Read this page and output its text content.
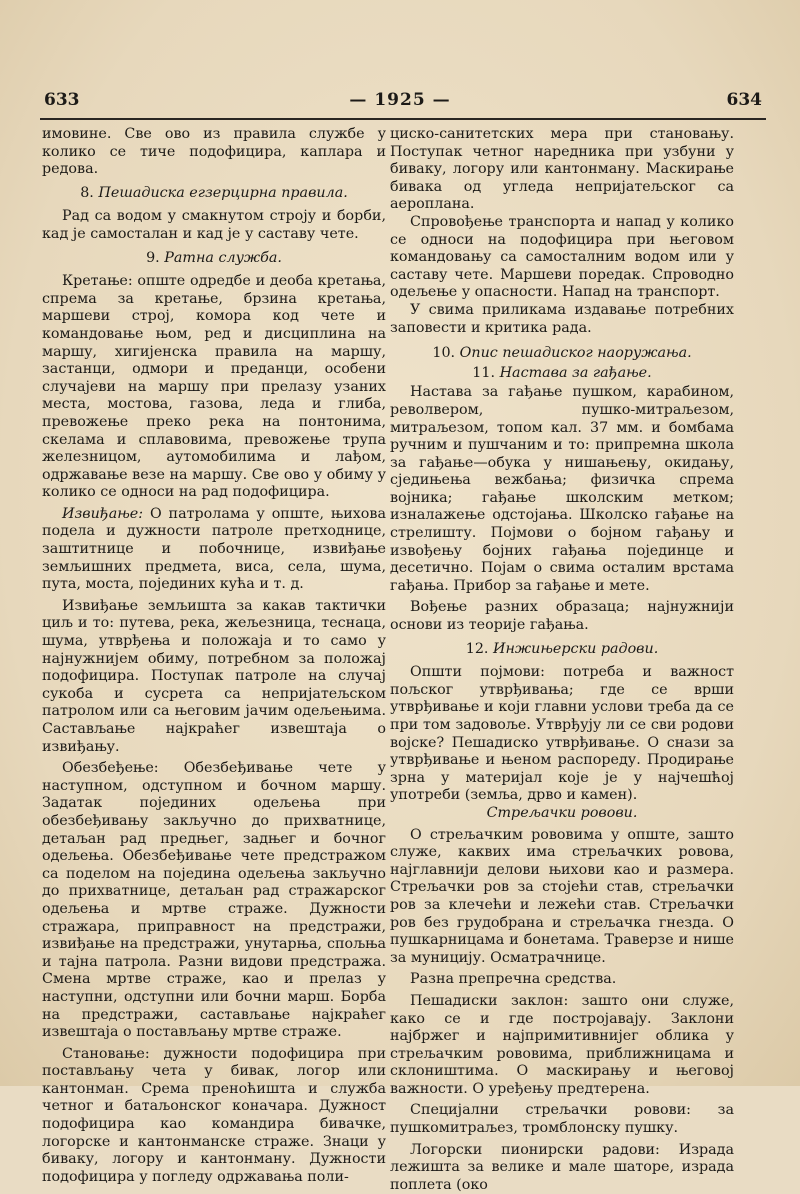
633	— 1925 —	634

имовине. Све ово из правила службе у колико се тиче подофицира, каплара и редова.

8. Пешадиска егзерцирна правила.

Рад са водом у смакнутом строју и борби, кад је самосталан и кад је у саставу чете.

9. Ратна служба.

Кретање: опште одредбе и деоба кретања, спрема за кретање, брзина кретања, маршеви строј, комора код чете и командовање њом, ред и дисциплина на маршу, хигијенска правила на маршу, застанци, одмори и преданци, особени случајеви на маршу при прелазу узаних места, мостова, газова, леда и глиба, превожење преко река на понтонима, скелама и сплавовима, превожење трупа железницом, аутомобилима и лађом, одржавање везе на маршу. Све ово у обиму у колико се односи на рад подофицира.

Извиђање: О патролама у опште, њихова подела и дужности патроле претходнице, заштитнице и побочнице, извиђање земљишних предмета, виса, села, шума, пута, моста, појединих кућа и т. д.

Извиђање земљишта за какав тактички циљ и то: путева, река, жељезница, теснаца, шума, утврђења и положаја и то само у најнужнијем обиму, потребном за положај подофицира. Поступак патроле на случај сукоба и сусрета са непријатељском патролом или са његовим јачим одељењима. Састављање најкраћег извештаја о извиђању.

Обезбеђење: Обезбеђивање чете у наступном, одступном и бочном маршу. Задатак појединих одељења при обезбеђивању закључно до прихватнице, детаљан рад предњег, задњег и бочног одељења. Обезбеђивање чете предстражом са поделом на поједина одељења закључно до прихватнице, детаљан рад стражарског одељења и мртве страже. Дужности стражара, приправност на предстражи, извиђање на предстражи, унутарња, спољња и тајна патрола. Разни видови предстража. Смена мртве страже, као и прелаз у наступни, одступни или бочни марш. Борба на предстражи, састављање најкраћег извештаја о постављању мртве страже.

Становање: дужности подофицира при постављању чета у бивак, логор или кантонман. Срема преноћишта и служба четног и батаљонског коначара. Дужност подофицира као командира бивачке, логорске и кантонманске страже. Знаци у бивaку, логору и кантонману. Дужности подофицира у погледу одржавања поли-

циско-санитетских мера при становању. Поступак четног наредника при узбуни у бивaку, логору или кантонману. Маскирање бивака од угледа непријатељског са аероплана.

Спровођење транспорта и напад у колико се односи на подофицира при његовом командовању са самосталним водом или у саставу чете. Маршеви поредак. Спроводно одељење у опасности. Напад на транспорт.

У свима приликама издавање потребних заповести и критика рада.

10. Опис пешадиског наоружања.
11. Настава за гађање.

Настава за гађање пушком, карабином, револвером, пушко-митраљезом, митраљезом, топом кал. 37 мм. и бомбама ручним и пушчаним и то: припремна школа за гађање—обука у нишањењу, окидању, сједињења вежбања; физичка спрема војника; гађање школским метком; изналажење одстојања. Школско гађање на стрелишту. Појмови о бојном гађању и извођењу бојних гађања појединце и десетично. Појам о свима осталим врстама гађања. Прибор за гађање и мете.

Вођење разних образаца; најнужнији основи из теорије гађања.

12. Инжињерски радови.

Општи појмови: потреба и важност пољског утврђивања; где се врши утврђивање и који главни услови треба да се при том задовоље. Утврђују ли се сви родови војске? Пешадиско утврђивање. О снази за утврђивање и њеном распореду. Продирање зрна у материјал које је у најчешћој употреби (земља, дрво и камен).

Стрељачки ровови.

О стрељачким рововима у опште, зашто служе, каквих има стрељачких ровова, најглавнији делови њихови као и размера. Стрељачки ров за стојећи став, стрељачки ров за клечећи и лежећи став. Стрељачки ров без грудобрана и стрељачка гнезда. О пушкарницама и бонетама. Траверзе и нише за муницију. Осматрачнице.

Разна препречна средства.

Пешадиски заклон: зашто они служе, како се и где постројавају. Заклони најбржег и најпримитивнијег облика у стрељачким рововима, приближницама и склоништима. О маскирању и његовој важности. О уређењу предтерена.

Специјални стрељачки ровови: за пушкомитраљез, тромблонску пушку.

Логорски пионирски радови: Израда лежишта за велике и мале шаторе, израда поплета (око
